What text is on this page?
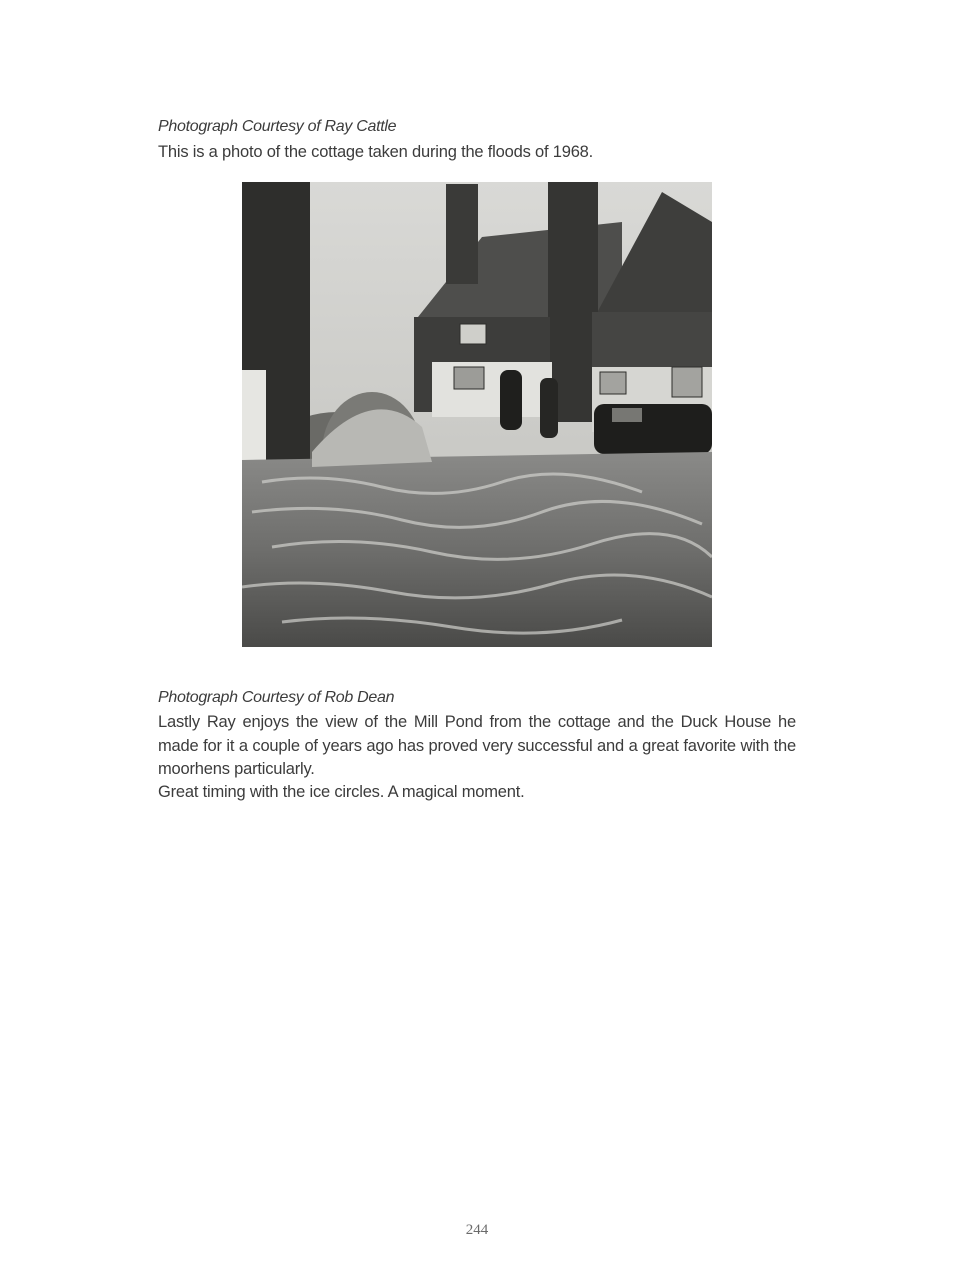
Photograph Courtesy of Ray Cattle

This is a photo of the cottage taken during the floods of 1968.

Photograph Courtesy of Rob Dean

Lastly Ray enjoys the view of the Mill Pond from the cottage and the Duck House he made for it a couple of years ago has proved very successful and a great favorite with the moorhens particularly.

Great timing with the ice circles. A magical moment.

244
